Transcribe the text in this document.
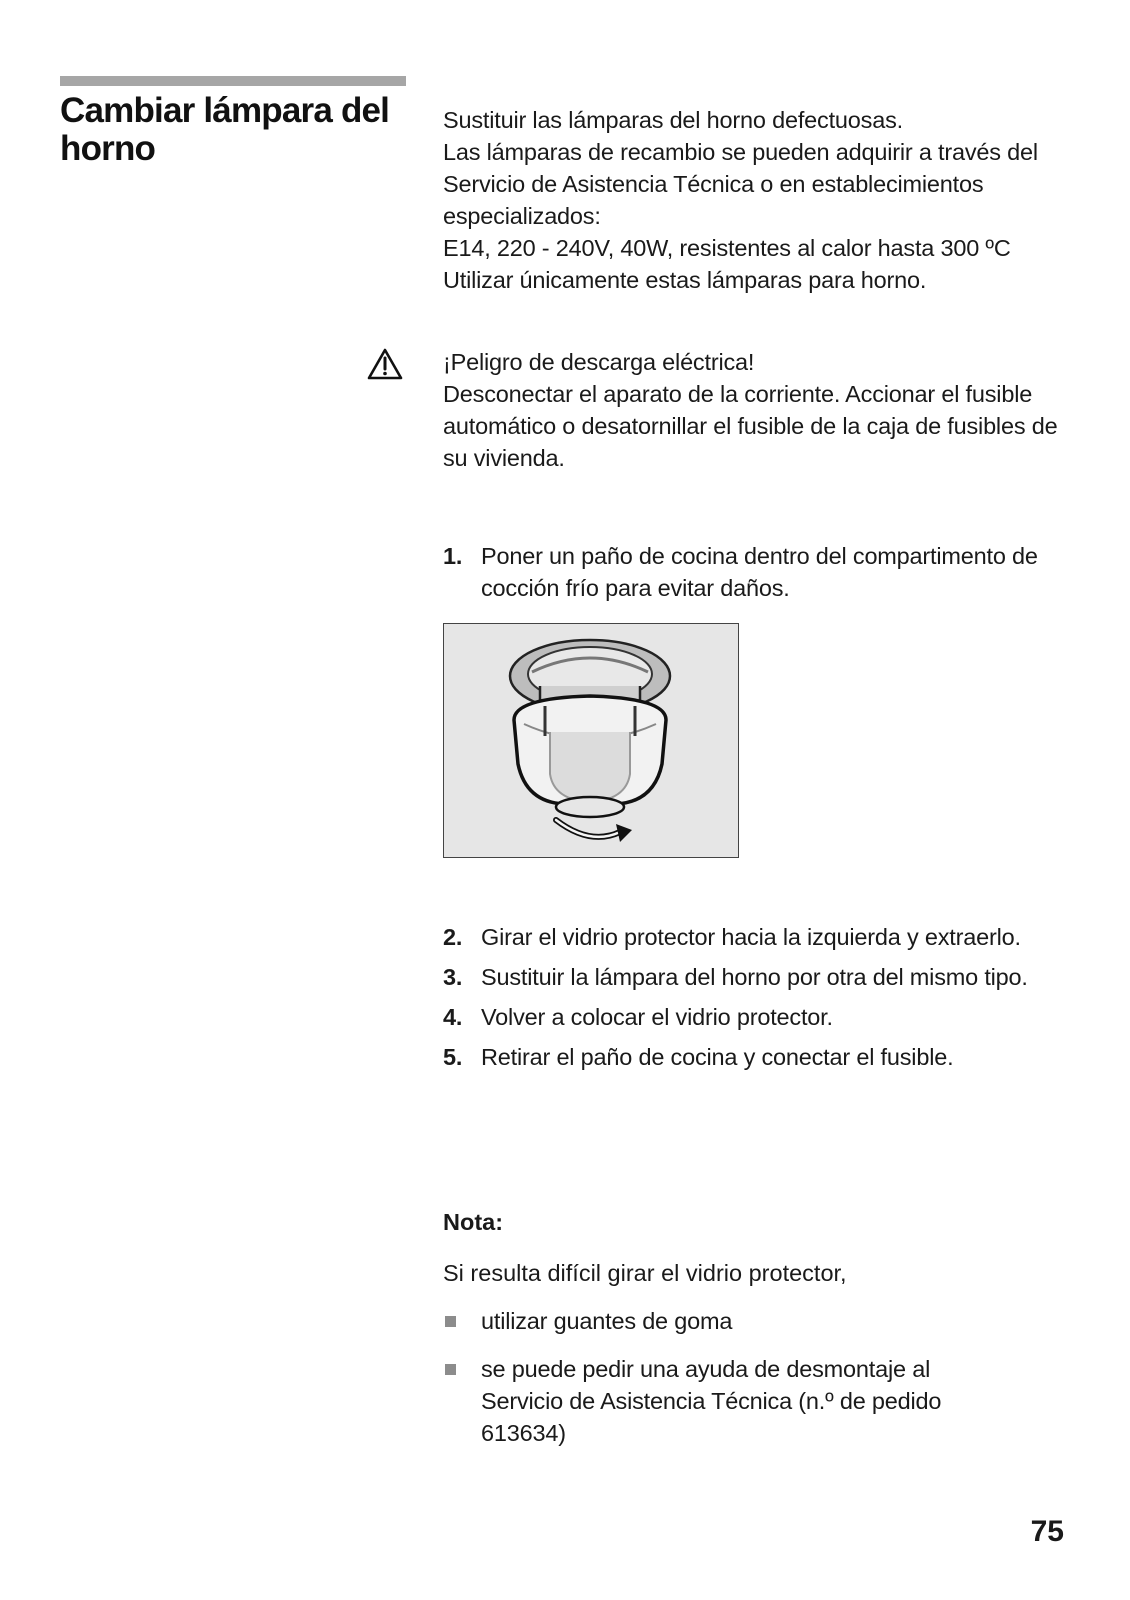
Cambiar lámpara del horno

Sustituir las lámparas del horno defectuosas.

Las lámparas de recambio se pueden adquirir a través del Servicio de Asistencia Técnica o en establecimientos especializados:

E14, 220 - 240V, 40W, resistentes al calor hasta 300 ºC

Utilizar únicamente estas lámparas para horno.

¡Peligro de descarga eléctrica!

Desconectar el aparato de la corriente. Accionar el fusible automático o desatornillar el fusible de la caja de fusibles de su vivienda.

1. Poner un paño de cocina dentro del compartimento de cocción frío para evitar daños.
2. Girar el vidrio protector hacia la izquierda y extraerlo.
3. Sustituir la lámpara del horno por otra del mismo tipo.
4. Volver a colocar el vidrio protector.
5. Retirar el paño de cocina y conectar el fusible.
Nota:
Si resulta difícil girar el vidrio protector,
utilizar guantes de goma
se puede pedir una ayuda de desmontaje al Servicio de Asistencia Técnica (n.º de pedido 613634)
75
